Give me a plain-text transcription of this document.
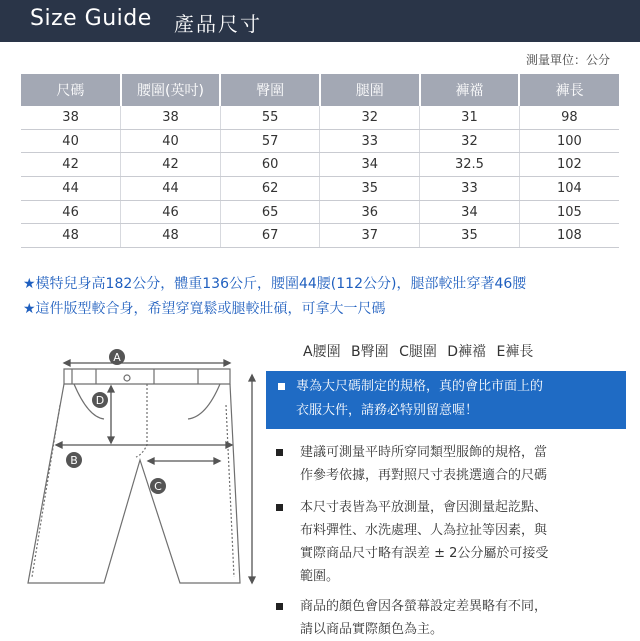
Size Guide 產品尺寸
測量單位：公分
尺碼	腰圍(英吋)	臀圍	腿圍	褲襠	褲長
38	38	55	32	31	98
40	40	57	33	32	100
42	42	60	34	32.5	102
44	44	62	35	33	104
46	46	65	36	34	105
48	48	67	37	35	108
★模特兒身高182公分，體重136公斤，腰圍44腰(112公分)，腿部較壯穿著46腰
★這件版型較合身，希望穿寬鬆或腿較壯碩，可拿大一尺碼
A腰圍 B臀圍 C腿圍 D褲襠 E褲長
A
B
C
D
專為大尺碼制定的規格，真的會比市面上的
衣服大件，請務必特別留意喔！
建議可測量平時所穿同類型服飾的規格，當
作參考依據，再對照尺寸表挑選適合的尺碼
本尺寸表皆為平放測量，會因測量起訖點、
布料彈性、水洗處理、人為拉扯等因素，與
實際商品尺寸略有誤差 ± 2公分屬於可接受
範圍。
商品的顏色會因各螢幕設定差異略有不同，
請以商品實際顏色為主。
